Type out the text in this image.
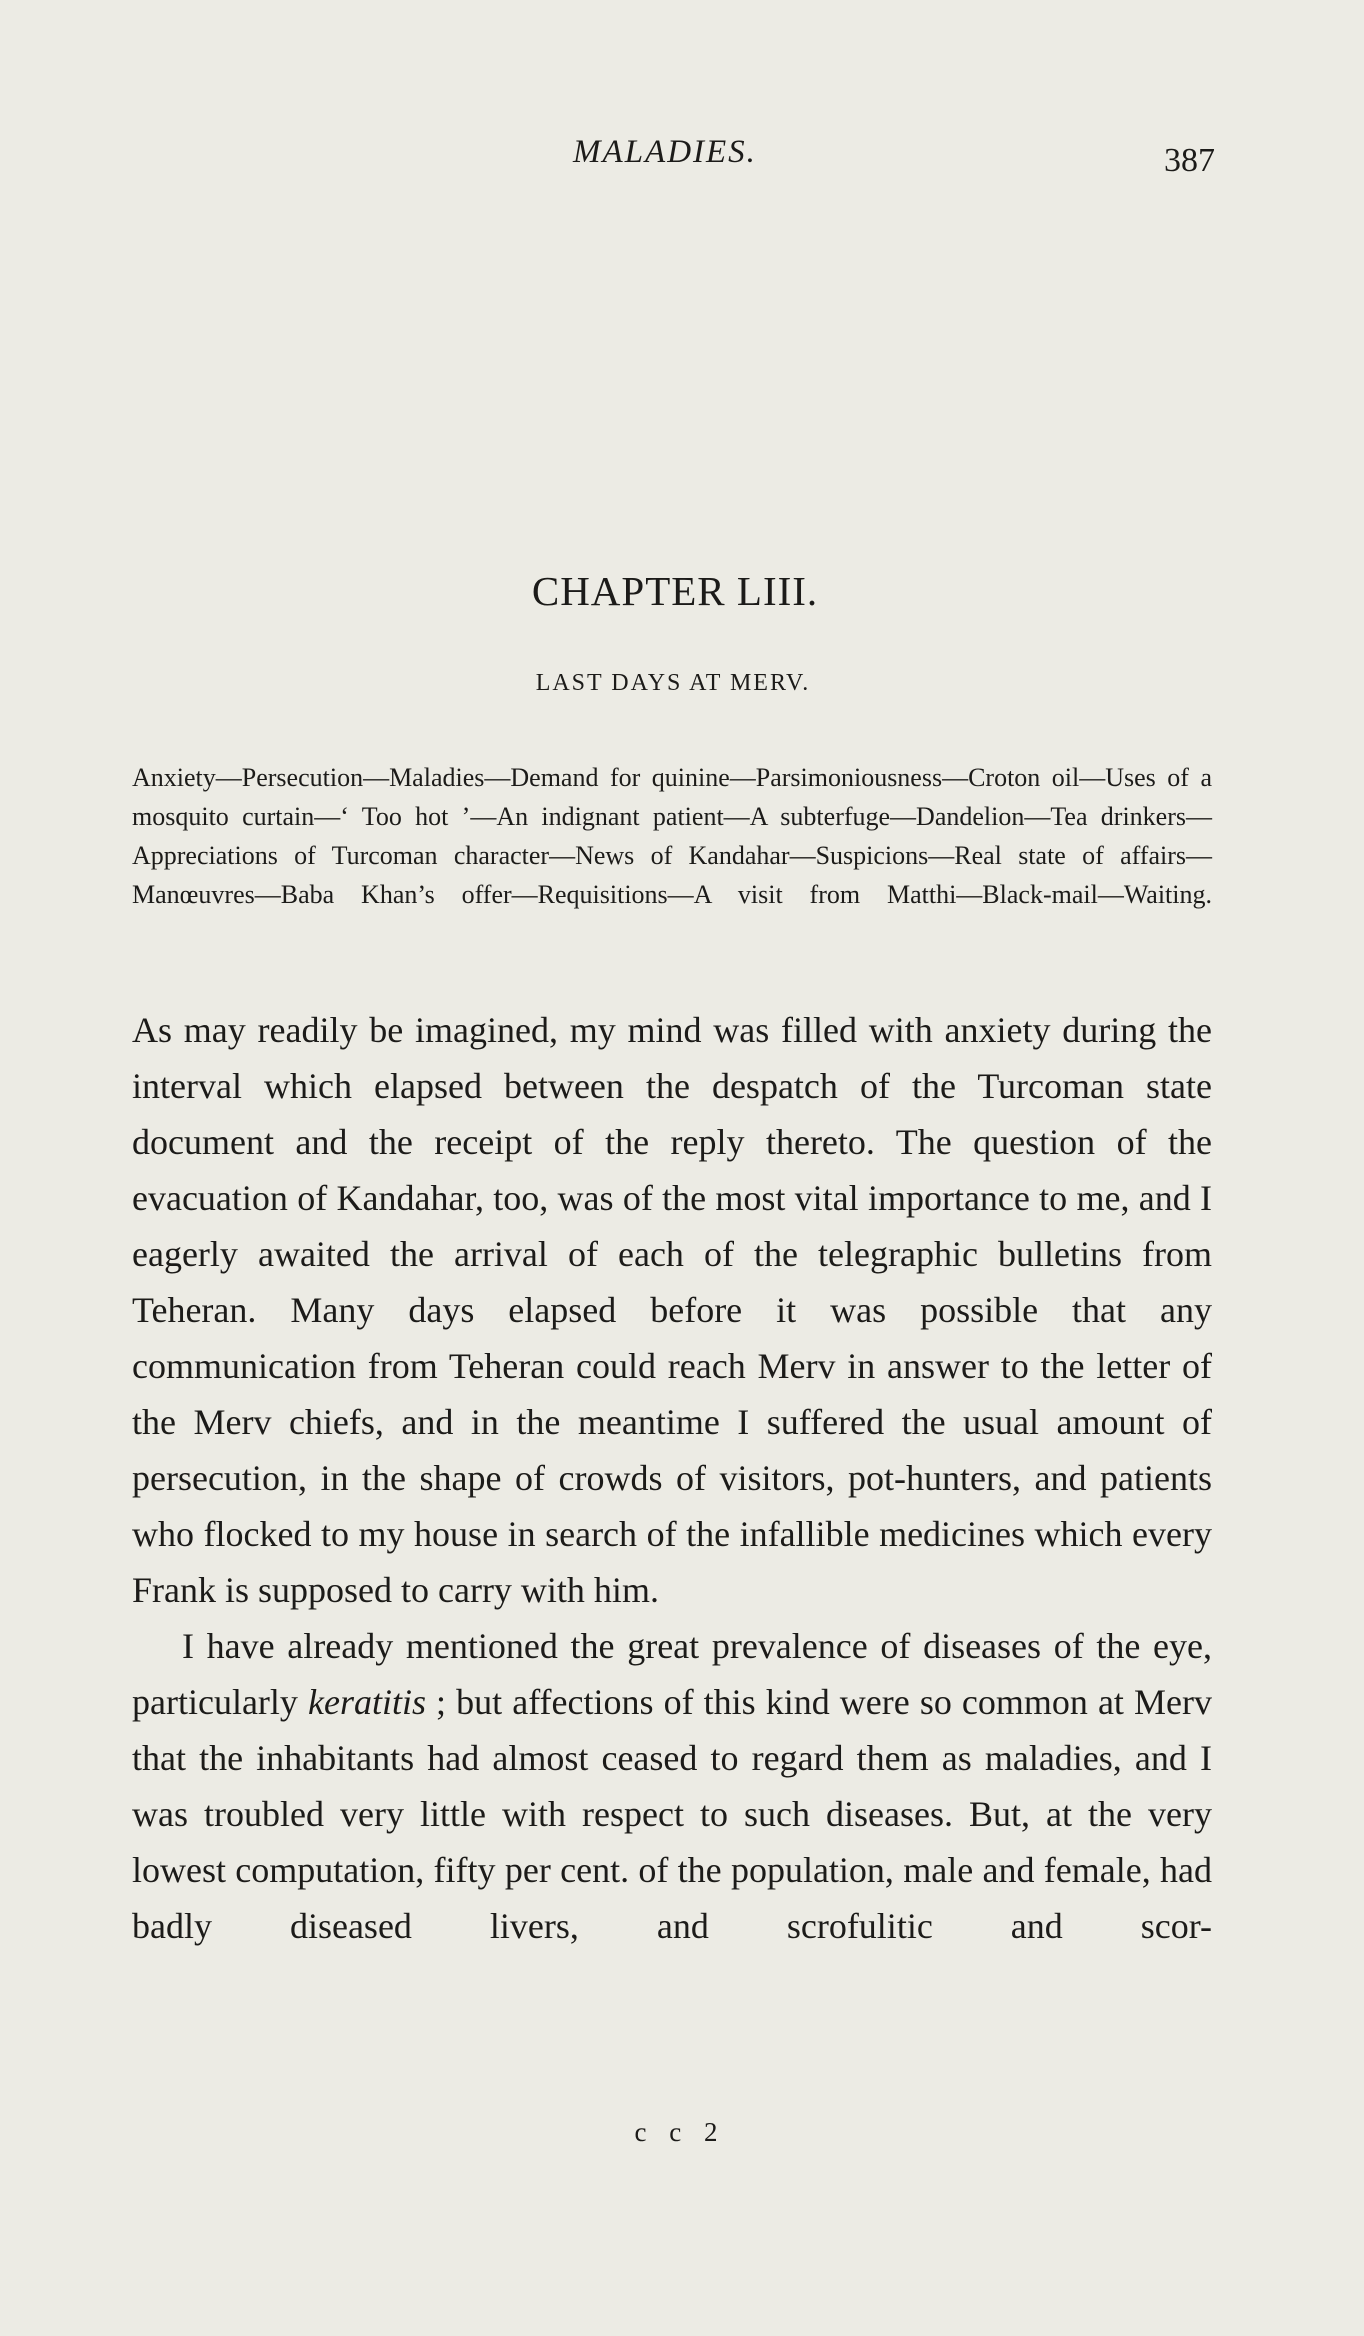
MALADIES.	387
CHAPTER LIII.
LAST DAYS AT MERV.

Anxiety—Persecution—Maladies—Demand for quinine—Parsimoniousness—Croton oil—Uses of a mosquito curtain—‘ Too hot ’—An indignant patient—A subterfuge—Dandelion—Tea drinkers—Appreciations of Turcoman character—News of Kandahar—Suspicions—Real state of affairs—Manœuvres—Baba Khan’s offer—Requisitions—A visit from Matthi—Black-mail—Waiting.

As may readily be imagined, my mind was filled with anxiety during the interval which elapsed between the despatch of the Turcoman state document and the receipt of the reply thereto. The question of the evacuation of Kandahar, too, was of the most vital importance to me, and I eagerly awaited the arrival of each of the telegraphic bulletins from Teheran. Many days elapsed before it was possible that any communication from Teheran could reach Merv in answer to the letter of the Merv chiefs, and in the meantime I suffered the usual amount of persecution, in the shape of crowds of visitors, pot-hunters, and patients who flocked to my house in search of the infallible medicines which every Frank is supposed to carry with him.

I have already mentioned the great prevalence of diseases of the eye, particularly keratitis ; but affections of this kind were so common at Merv that the inhabitants had almost ceased to regard them as maladies, and I was troubled very little with respect to such diseases. But, at the very lowest computation, fifty per cent. of the population, male and female, had badly diseased livers, and scrofulitic and scor-

c c 2
